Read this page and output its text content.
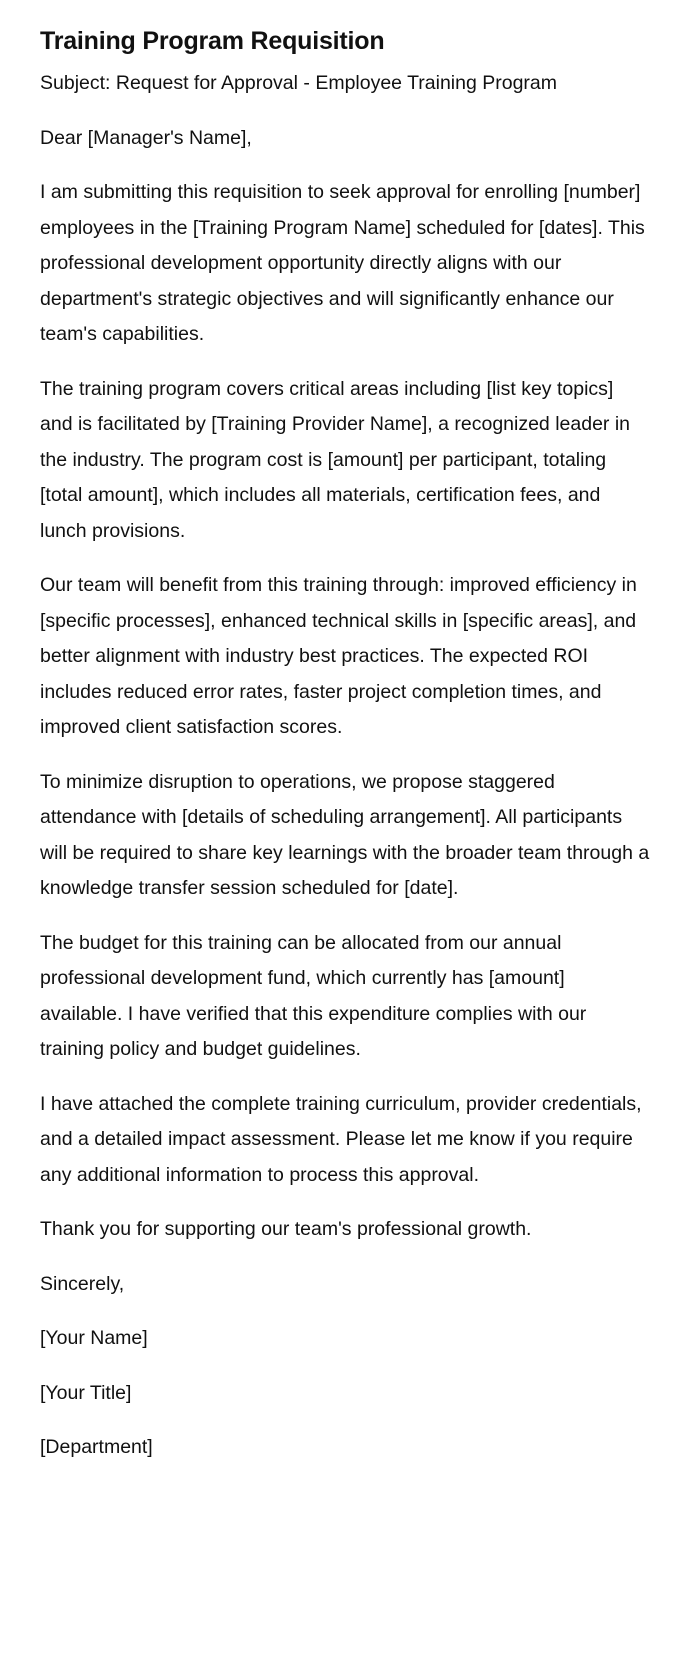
Training Program Requisition

Subject: Request for Approval - Employee Training Program

Dear [Manager's Name],

I am submitting this requisition to seek approval for enrolling [number] employees in the [Training Program Name] scheduled for [dates]. This professional development opportunity directly aligns with our department's strategic objectives and will significantly enhance our team's capabilities.

The training program covers critical areas including [list key topics] and is facilitated by [Training Provider Name], a recognized leader in the industry. The program cost is [amount] per participant, totaling [total amount], which includes all materials, certification fees, and lunch provisions.

Our team will benefit from this training through: improved efficiency in [specific processes], enhanced technical skills in [specific areas], and better alignment with industry best practices. The expected ROI includes reduced error rates, faster project completion times, and improved client satisfaction scores.

To minimize disruption to operations, we propose staggered attendance with [details of scheduling arrangement]. All participants will be required to share key learnings with the broader team through a knowledge transfer session scheduled for [date].

The budget for this training can be allocated from our annual professional development fund, which currently has [amount] available. I have verified that this expenditure complies with our training policy and budget guidelines.

I have attached the complete training curriculum, provider credentials, and a detailed impact assessment. Please let me know if you require any additional information to process this approval.

Thank you for supporting our team's professional growth.

Sincerely,

[Your Name]

[Your Title]

[Department]
